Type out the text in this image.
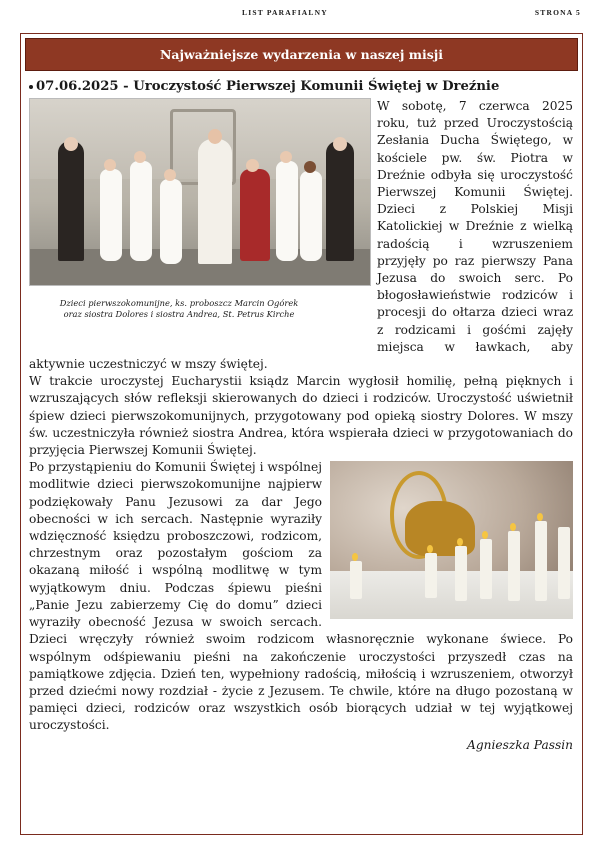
LIST PARAFIALNY	STRONA 5
Najważniejsze wydarzenia w naszej misji
07.06.2025 - Uroczystość Pierwszej Komunii Świętej w Dreźnie
Dzieci pierwszokomunijne, ks. proboszcz Marcin Ogórek
oraz siostra Dolores i siostra Andrea, St. Petrus Kirche

W sobotę, 7 czerwca 2025 roku, tuż przed Uroczystością Zesłania Ducha Świętego, w kościele pw. św. Piotra w Dreźnie odbyła się uroczystość Pierwszej Komunii Świętej. Dzieci z Polskiej Misji Katolickiej w Dreźnie z wielką radością i wzruszeniem przyjęły po raz pierwszy Pana Jezusa do swoich serc. Po błogosławieństwie rodziców i procesji do ołtarza dzieci wraz z rodzicami i gośćmi zajęły miejsca w ławkach, aby aktywnie uczestniczyć w mszy świętej.

W trakcie uroczystej Eucharystii ksiądz Marcin wygłosił homilię, pełną pięknych i wzruszających słów refleksji skierowanych do dzieci i rodziców. Uroczystość uświetnił śpiew dzieci pierwszokomunijnych, przygotowany pod opieką siostry Dolores. W mszy św. uczestniczyła również siostra Andrea, która wspierała dzieci w przygotowaniach do przyjęcia Pierwszej Komunii Świętej.

Po przystąpieniu do Komunii Świętej i wspólnej modlitwie dzieci pierwszokomunijne najpierw podziękowały Panu Jezusowi za dar Jego obecności w ich sercach. Następnie wyraziły wdzięczność księdzu proboszczowi, rodzicom, chrzestnym oraz pozostałym gościom za okazaną miłość i wspólną modlitwę w tym wyjątkowym dniu. Podczas śpiewu pieśni „Panie Jezu zabierzemy Cię do domu” dzieci wyraziły obecność Jezusa w swoich sercach. Dzieci wręczyły również swoim rodzicom własnoręcznie wykonane świece. Po wspólnym odśpiewaniu pieśni na zakończenie uroczystości przyszedł czas na pamiątkowe zdjęcia. Dzień ten, wypełniony radością, miłością i wzruszeniem, otworzył przed dziećmi nowy rozdział - życie z Jezusem. Te chwile, które na długo pozostaną w pamięci dzieci, rodziców oraz wszystkich osób biorących udział w tej wyjątkowej uroczystości.

Agnieszka Passin
